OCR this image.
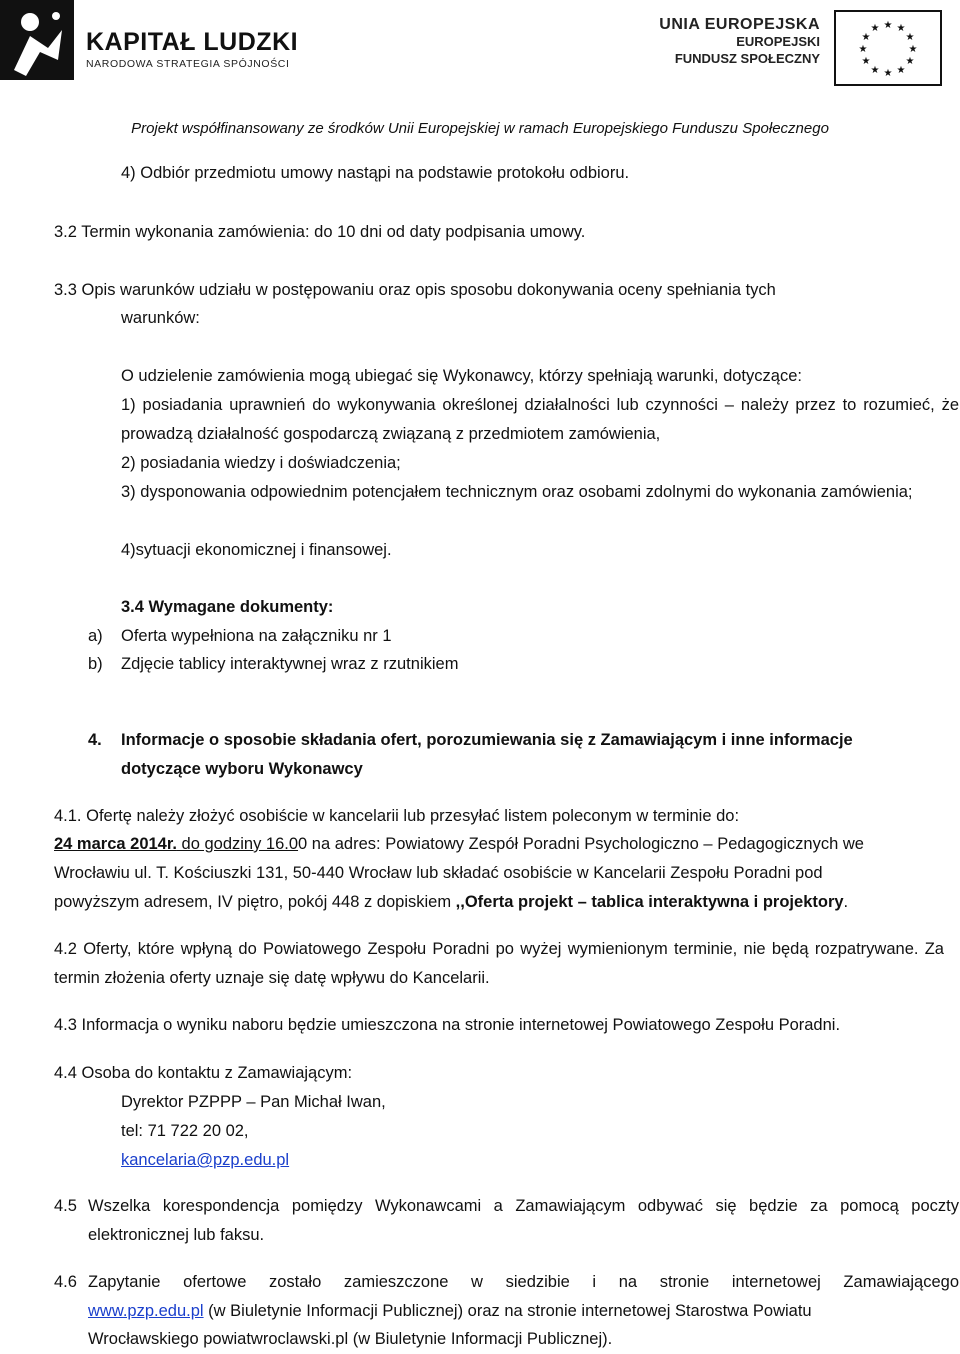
KAPITAŁ LUDZKI
NARODOWA STRATEGIA SPÓJNOŚCI
UNIA EUROPEJSKA
EUROPEJSKI
FUNDUSZ SPOŁECZNY
★ ★
★
★
★
★
★
★
★
★
★
★
Projekt współfinansowany ze środków Unii Europejskiej w ramach Europejskiego Funduszu Społecznego
4) Odbiór przedmiotu umowy nastąpi na podstawie protokołu odbioru.
3.2 Termin wykonania zamówienia: do 10 dni od daty podpisania umowy.
3.3 Opis warunków udziału w postępowaniu oraz opis sposobu dokonywania oceny spełniania tych
warunków:
O udzielenie zamówienia mogą ubiegać się Wykonawcy, którzy spełniają warunki, dotyczące:
1) posiadania uprawnień do wykonywania określonej działalności lub czynności – należy przez to rozumieć, że prowadzą działalność gospodarczą związaną z przedmiotem zamówienia,
2) posiadania wiedzy i doświadczenia;
3) dysponowania odpowiednim potencjałem technicznym oraz osobami zdolnymi do wykonania zamówienia;
4)sytuacji ekonomicznej i finansowej.
3.4 Wymagane dokumenty:
a) Oferta wypełniona na załączniku nr 1
b) Zdjęcie tablicy interaktywnej wraz z rzutnikiem
4. Informacje o sposobie składania ofert, porozumiewania się z Zamawiającym i inne informacje
dotyczące wyboru Wykonawcy
4.1. Ofertę należy złożyć osobiście w kancelarii lub przesyłać listem poleconym w terminie do:
24 marca 2014r. do godziny 16.00 na adres: Powiatowy Zespół Poradni Psychologiczno – Pedagogicznych we
Wrocławiu ul. T. Kościuszki 131, 50-440 Wrocław lub składać osobiście w Kancelarii Zespołu Poradni pod
powyższym adresem, IV piętro, pokój 448 z dopiskiem ,,Oferta projekt – tablica interaktywna i projektory.
4.2 Oferty, które wpłyną do Powiatowego Zespołu Poradni po wyżej wymienionym terminie, nie będą rozpatrywane. Za termin złożenia oferty uznaje się datę wpływu do Kancelarii.
4.3 Informacja o wyniku naboru będzie umieszczona na stronie internetowej Powiatowego Zespołu Poradni.
4.4 Osoba do kontaktu z Zamawiającym:
Dyrektor PZPPP – Pan Michał Iwan,
tel: 71 722 20 02,
kancelaria@pzp.edu.pl
4.5 Wszelka korespondencja pomiędzy Wykonawcami a Zamawiającym odbywać się będzie za pomocą poczty elektronicznej lub faksu.
4.6 Zapytanie ofertowe zostało zamieszczone w siedzibie i na stronie internetowej Zamawiającego
www.pzp.edu.pl (w Biuletynie Informacji Publicznej) oraz na stronie internetowej Starostwa Powiatu
Wrocławskiego powiatwroclawski.pl (w Biuletynie Informacji Publicznej).
